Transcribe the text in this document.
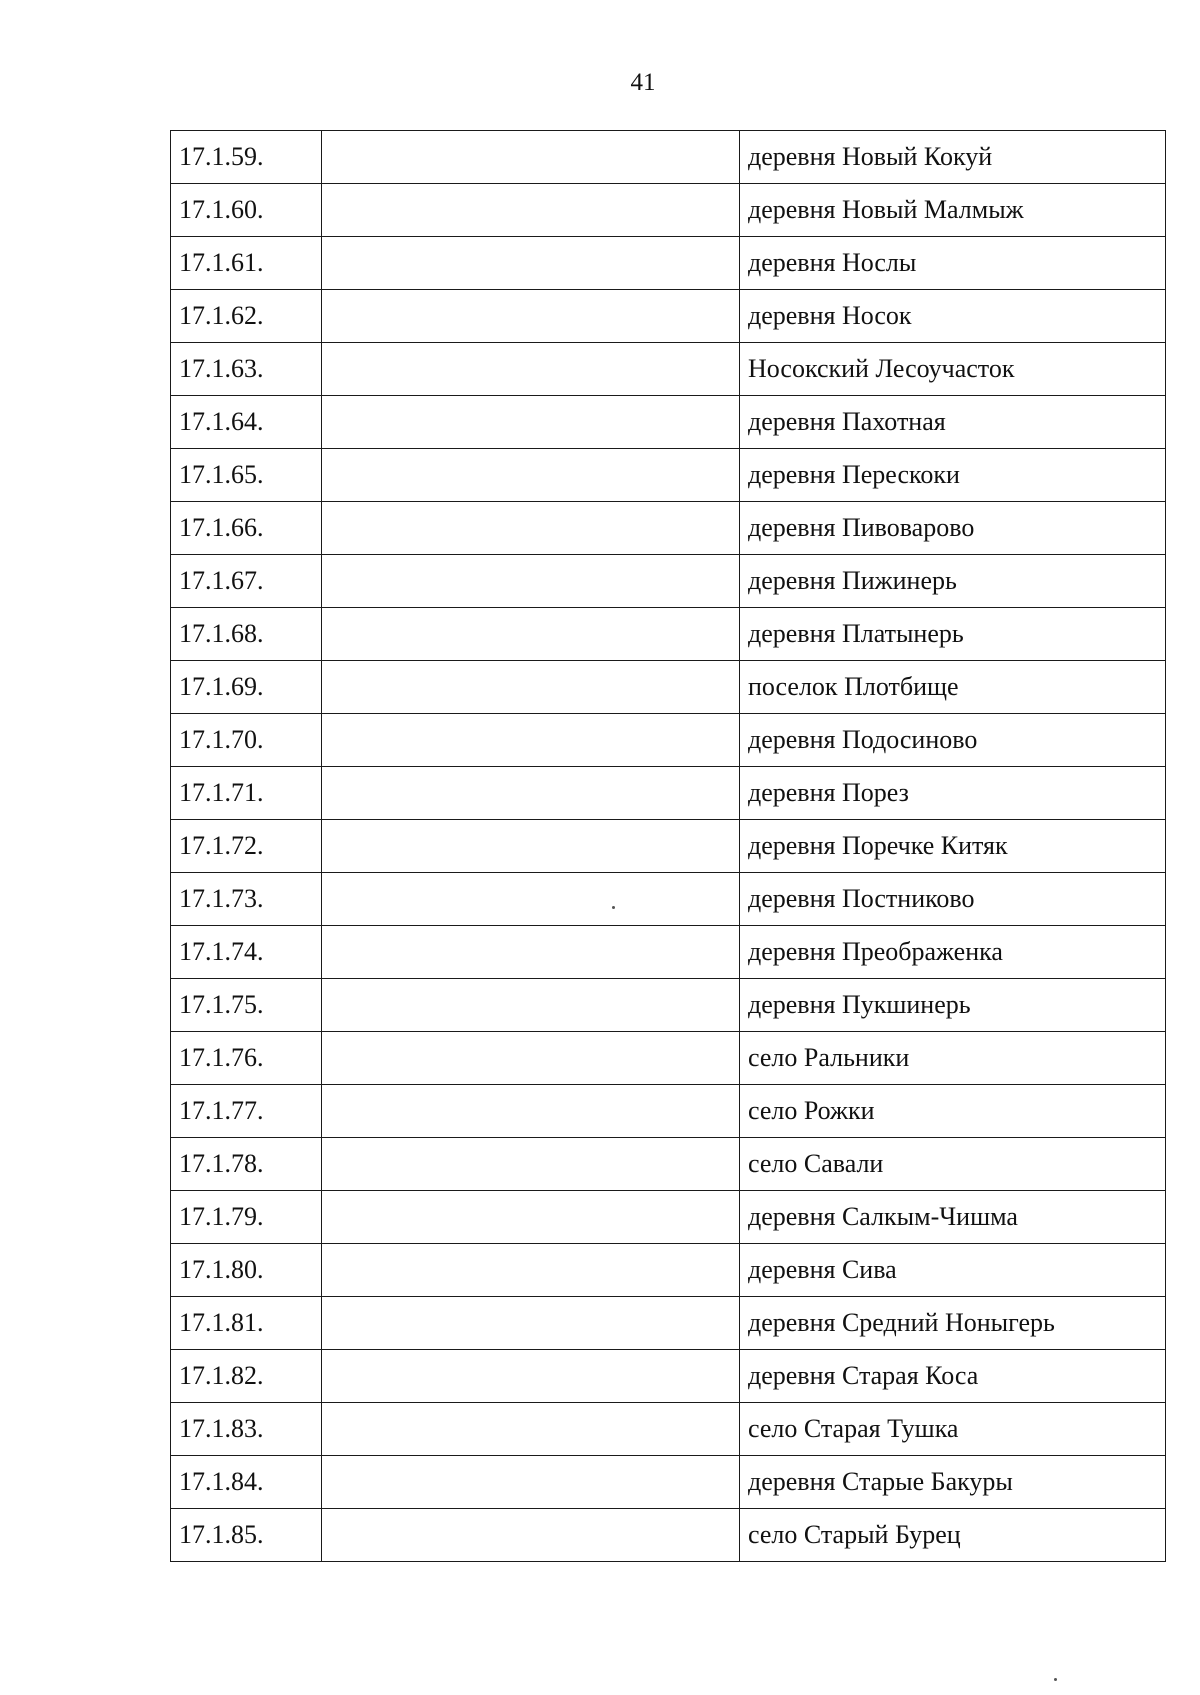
41
17.1.59.		деревня Новый Кокуй
17.1.60.		деревня Новый Малмыж
17.1.61.		деревня Нослы
17.1.62.		деревня Носок
17.1.63.		Носокский Лесоучасток
17.1.64.		деревня Пахотная
17.1.65.		деревня Перескоки
17.1.66.		деревня Пивоварово
17.1.67.		деревня Пижинерь
17.1.68.		деревня Платынерь
17.1.69.		поселок Плотбище
17.1.70.		деревня Подосиново
17.1.71.		деревня Порез
17.1.72.		деревня Поречке Китяк
17.1.73.		деревня Постниково
17.1.74.		деревня Преображенка
17.1.75.		деревня Пукшинерь
17.1.76.		село Ральники
17.1.77.		село Рожки
17.1.78.		село Савали
17.1.79.		деревня Салкым-Чишма
17.1.80.		деревня Сива
17.1.81.		деревня Средний Ноныгерь
17.1.82.		деревня Старая Коса
17.1.83.		село Старая Тушка
17.1.84.		деревня Старые Бакуры
17.1.85.		село Старый Бурец
